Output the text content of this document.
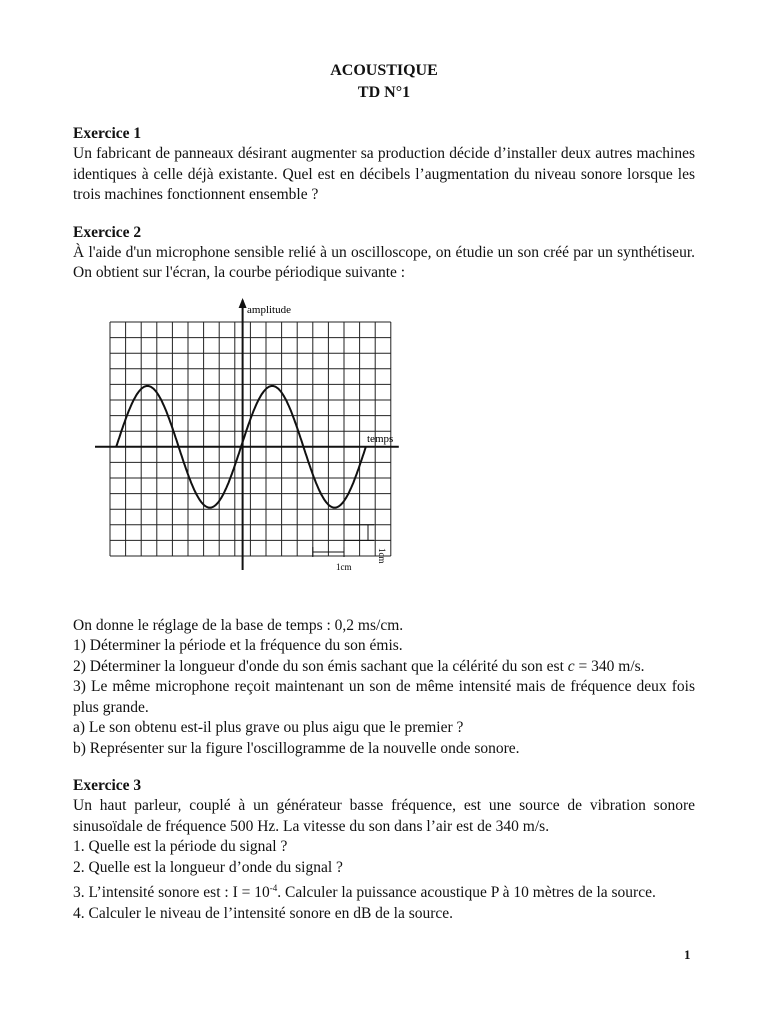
ACOUSTIQUE
TD N°1
Exercice 1

Un fabricant de panneaux désirant augmenter sa production décide d’installer deux autres machines identiques à celle déjà existante. Quel est en décibels l’augmentation du niveau sonore lorsque les trois machines fonctionnent ensemble ?

Exercice 2

À l'aide d'un microphone sensible relié à un oscilloscope, on étudie un son créé par un synthétiseur. On obtient sur l'écran, la courbe périodique suivante :

amplitude
temps
1cm
1cm

On donne le réglage de la base de temps : 0,2 ms/cm.

1) Déterminer la période et la fréquence du son émis.

2) Déterminer la longueur d'onde du son émis sachant que la célérité du son est c = 340 m/s.

3) Le même microphone reçoit maintenant un son de même intensité mais de fréquence deux fois plus grande.

a) Le son obtenu est-il plus grave ou plus aigu que le premier ?

b) Représenter sur la figure l'oscillogramme de la nouvelle onde sonore.

Exercice 3

Un haut parleur, couplé à un générateur basse fréquence, est une source de vibration sonore sinusoïdale de fréquence 500 Hz. La vitesse du son dans l’air est de 340 m/s.

1. Quelle est la période du signal ?

2. Quelle est la longueur d’onde du signal ?

3. L’intensité sonore est : $I = 10^{-4}$. Calculer la puissance acoustique P à 10 mètres de la source.

4. Calculer le niveau de l’intensité sonore en dB de la source.

1
